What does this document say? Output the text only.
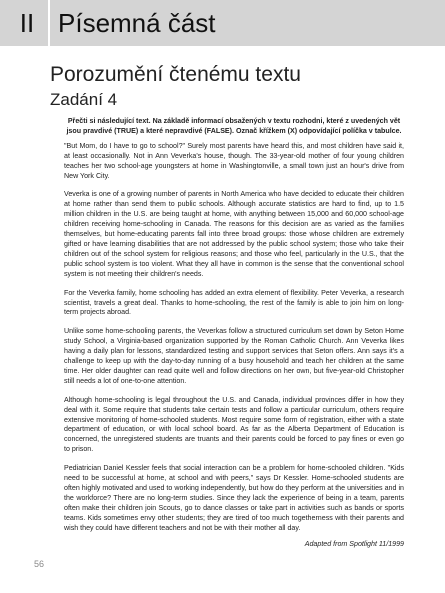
II Písemná část
Porozumění čtenému textu
Zadání 4

Přečti si následující text. Na základě informací obsažených v textu rozhodni, které z uvedených vět jsou pravdivé (TRUE) a které nepravdivé (FALSE). Označ křížkem (X) odpovídající políčka v tabulce.

"But Mom, do I have to go to school?" Surely most parents have heard this, and most children have said it, at least occasionally. Not in Ann Veverka's house, though. The 33-year-old mother of four young children teaches her two school-age youngsters at home in Washingtonville, a small town just an hour's drive from New York City.

Veverka is one of a growing number of parents in North America who have decided to educate their children at home rather than send them to public schools. Although accurate statistics are hard to find, up to 1.5 million children in the U.S. are being taught at home, with anything between 15,000 and 60,000 school-age children receiving home-schooling in Canada. The reasons for this decision are as varied as the families themselves, but home-educating parents fall into three broad groups: those whose children are extremely gifted or have learning disabilities that are not addressed by the public school system; those who take their children out of the school system for religious reasons; and those who feel, particularly in the U.S., that the public school system is too violent. What they all have in common is the sense that the conventional school system is not meeting their children's needs.

For the Veverka family, home schooling has added an extra element of flexibility. Peter Veverka, a research scientist, travels a great deal. Thanks to home-schooling, the rest of the family is able to join him on long-term projects abroad.

Unlike some home-schooling parents, the Veverkas follow a structured curriculum set down by Seton Home study School, a Virginia-based organization supported by the Roman Catholic Church. Ann Veverka likes having a daily plan for lessons, standardized testing and support services that Seton offers. Ann says it's a challenge to keep up with the day-to-day running of a busy household and teach her children at the same time. Her older daughter can read quite well and follow directions on her own, but five-year-old Christopher still needs a lot of one-to-one attention.

Although home-schooling is legal throughout the U.S. and Canada, individual provinces differ in how they deal with it. Some require that students take certain tests and follow a particular curriculum, others require extensive monitoring of home-schooled students. Most require some form of registration, either with a state department of education, or with local school board. As far as the Alberta Department of Education is concerned, the unregistered students are truants and their parents could be forced to pay fines or even go to prison.

Pediatrician Daniel Kessler feels that social interaction can be a problem for home-schooled children. "Kids need to be successful at home, at school and with peers," says Dr Kessler. Home-schooled students are often highly motivated and used to working independently, but how do they perform at the universities and in the workforce? There are no long-term studies. Since they lack the experience of being in a team, parents often make their children join Scouts, go to dance classes or take part in activities such as bands or sports teams. Kids sometimes envy other students; they are tired of too much togetherness with their parents and wish they could have different teachers and not be with their mother all day.

Adapted from Spotlight 11/1999
56
